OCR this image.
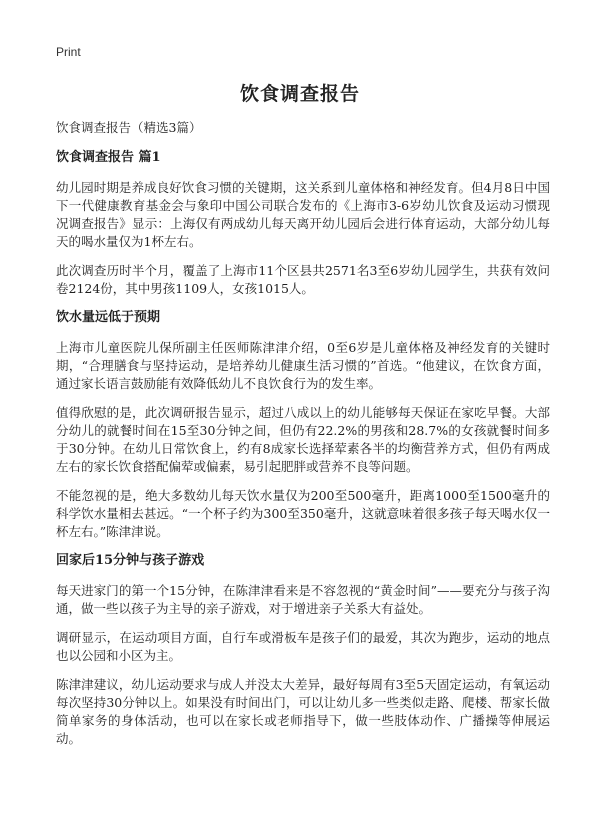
Print
饮食调查报告

饮食调查报告（精选3篇）

饮食调查报告 篇1

幼儿园时期是养成良好饮食习惯的关键期，这关系到儿童体格和神经发育。但4月8日中国下一代健康教育基金会与象印中国公司联合发布的《上海市3-6岁幼儿饮食及运动习惯现况调查报告》显示：上海仅有两成幼儿每天离开幼儿园后会进行体育运动，大部分幼儿每天的喝水量仅为1杯左右。

此次调查历时半个月，覆盖了上海市11个区县共2571名3至6岁幼儿园学生，共获有效问卷2124份，其中男孩1109人，女孩1015人。

饮水量远低于预期

上海市儿童医院儿保所副主任医师陈津津介绍，0至6岁是儿童体格及神经发育的关键时期，“合理膳食与坚持运动，是培养幼儿健康生活习惯的”首选。“他建议，在饮食方面，通过家长语言鼓励能有效降低幼儿不良饮食行为的发生率。

值得欣慰的是，此次调研报告显示，超过八成以上的幼儿能够每天保证在家吃早餐。大部分幼儿的就餐时间在15至30分钟之间，但仍有22.2%的男孩和28.7%的女孩就餐时间多于30分钟。在幼儿日常饮食上，约有8成家长选择荤素各半的均衡营养方式，但仍有两成左右的家长饮食搭配偏荤或偏素，易引起肥胖或营养不良等问题。

不能忽视的是，绝大多数幼儿每天饮水量仅为200至500毫升，距离1000至1500毫升的科学饮水量相去甚远。“一个杯子约为300至350毫升，这就意味着很多孩子每天喝水仅一杯左右。”陈津津说。

回家后15分钟与孩子游戏

每天进家门的第一个15分钟，在陈津津看来是不容忽视的“黄金时间”——要充分与孩子沟通，做一些以孩子为主导的亲子游戏，对于增进亲子关系大有益处。

调研显示，在运动项目方面，自行车或滑板车是孩子们的最爱，其次为跑步，运动的地点也以公园和小区为主。

陈津津建议，幼儿运动要求与成人并没太大差异，最好每周有3至5天固定运动，有氧运动每次坚持30分钟以上。如果没有时间出门，可以让幼儿多一些类似走路、爬楼、帮家长做简单家务的身体活动，也可以在家长或老师指导下，做一些肢体动作、广播操等伸展运动。
